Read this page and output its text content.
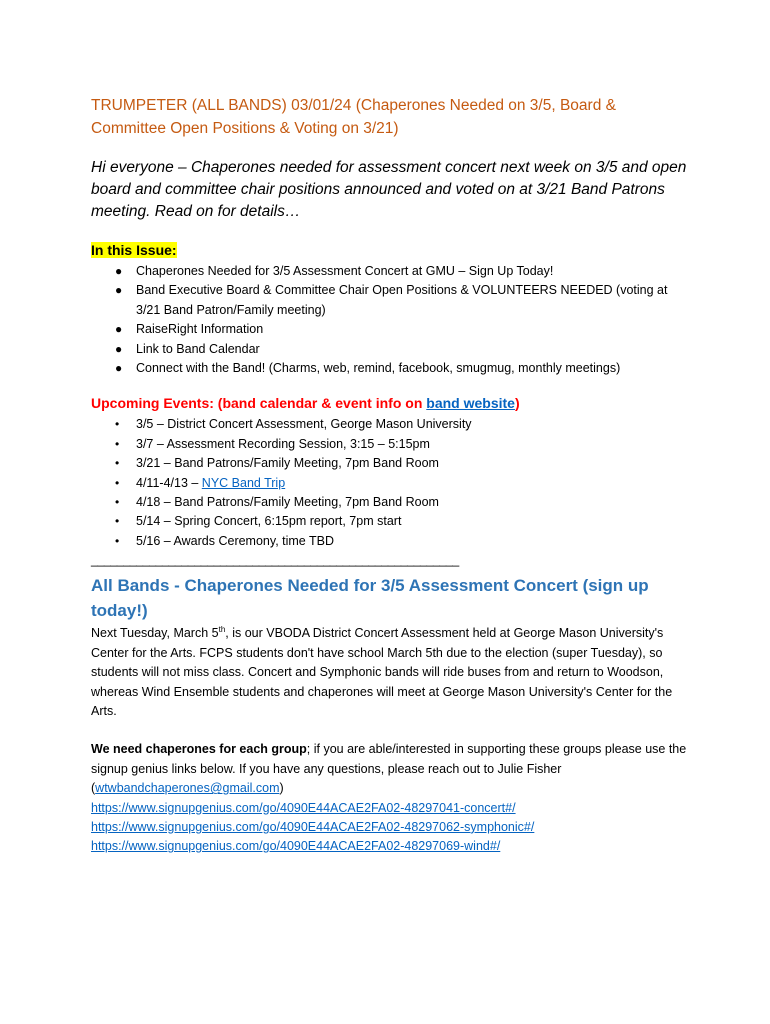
TRUMPETER (ALL BANDS) 03/01/24 (Chaperones Needed on 3/5, Board & Committee Open Positions & Voting on 3/21)

Hi everyone – Chaperones needed for assessment concert next week on 3/5 and open board and committee chair positions announced and voted on at 3/21 Band Patrons meeting. Read on for details…

In this Issue:
● Chaperones Needed for 3/5 Assessment Concert at GMU – Sign Up Today!
● Band Executive Board & Committee Chair Open Positions & VOLUNTEERS NEEDED (voting at 3/21 Band Patron/Family meeting)
● RaiseRight Information
● Link to Band Calendar
● Connect with the Band! (Charms, web, remind, facebook, smugmug, monthly meetings)
Upcoming Events: (band calendar & event info on band website)
• 3/5 – District Concert Assessment, George Mason University
• 3/7 – Assessment Recording Session, 3:15 – 5:15pm
• 3/21 – Band Patrons/Family Meeting, 7pm Band Room
• 4/11-4/13 – NYC Band Trip
• 4/18 – Band Patrons/Family Meeting, 7pm Band Room
• 5/14 – Spring Concert, 6:15pm report, 7pm start
• 5/16 – Awards Ceremony, time TBD

_________________________________________________________

All Bands - Chaperones Needed for 3/5 Assessment Concert (sign up today!)

Next Tuesday, March 5th, is our VBODA District Concert Assessment held at George Mason University's Center for the Arts. FCPS students don't have school March 5th due to the election (super Tuesday), so students will not miss class. Concert and Symphonic bands will ride buses from and return to Woodson, whereas Wind Ensemble students and chaperones will meet at George Mason University's Center for the Arts.

We need chaperones for each group; if you are able/interested in supporting these groups please use the signup genius links below. If you have any questions, please reach out to Julie Fisher (wtwbandchaperones@gmail.com)
https://www.signupgenius.com/go/4090E44ACAE2FA02-48297041-concert#/
https://www.signupgenius.com/go/4090E44ACAE2FA02-48297062-symphonic#/
https://www.signupgenius.com/go/4090E44ACAE2FA02-48297069-wind#/
